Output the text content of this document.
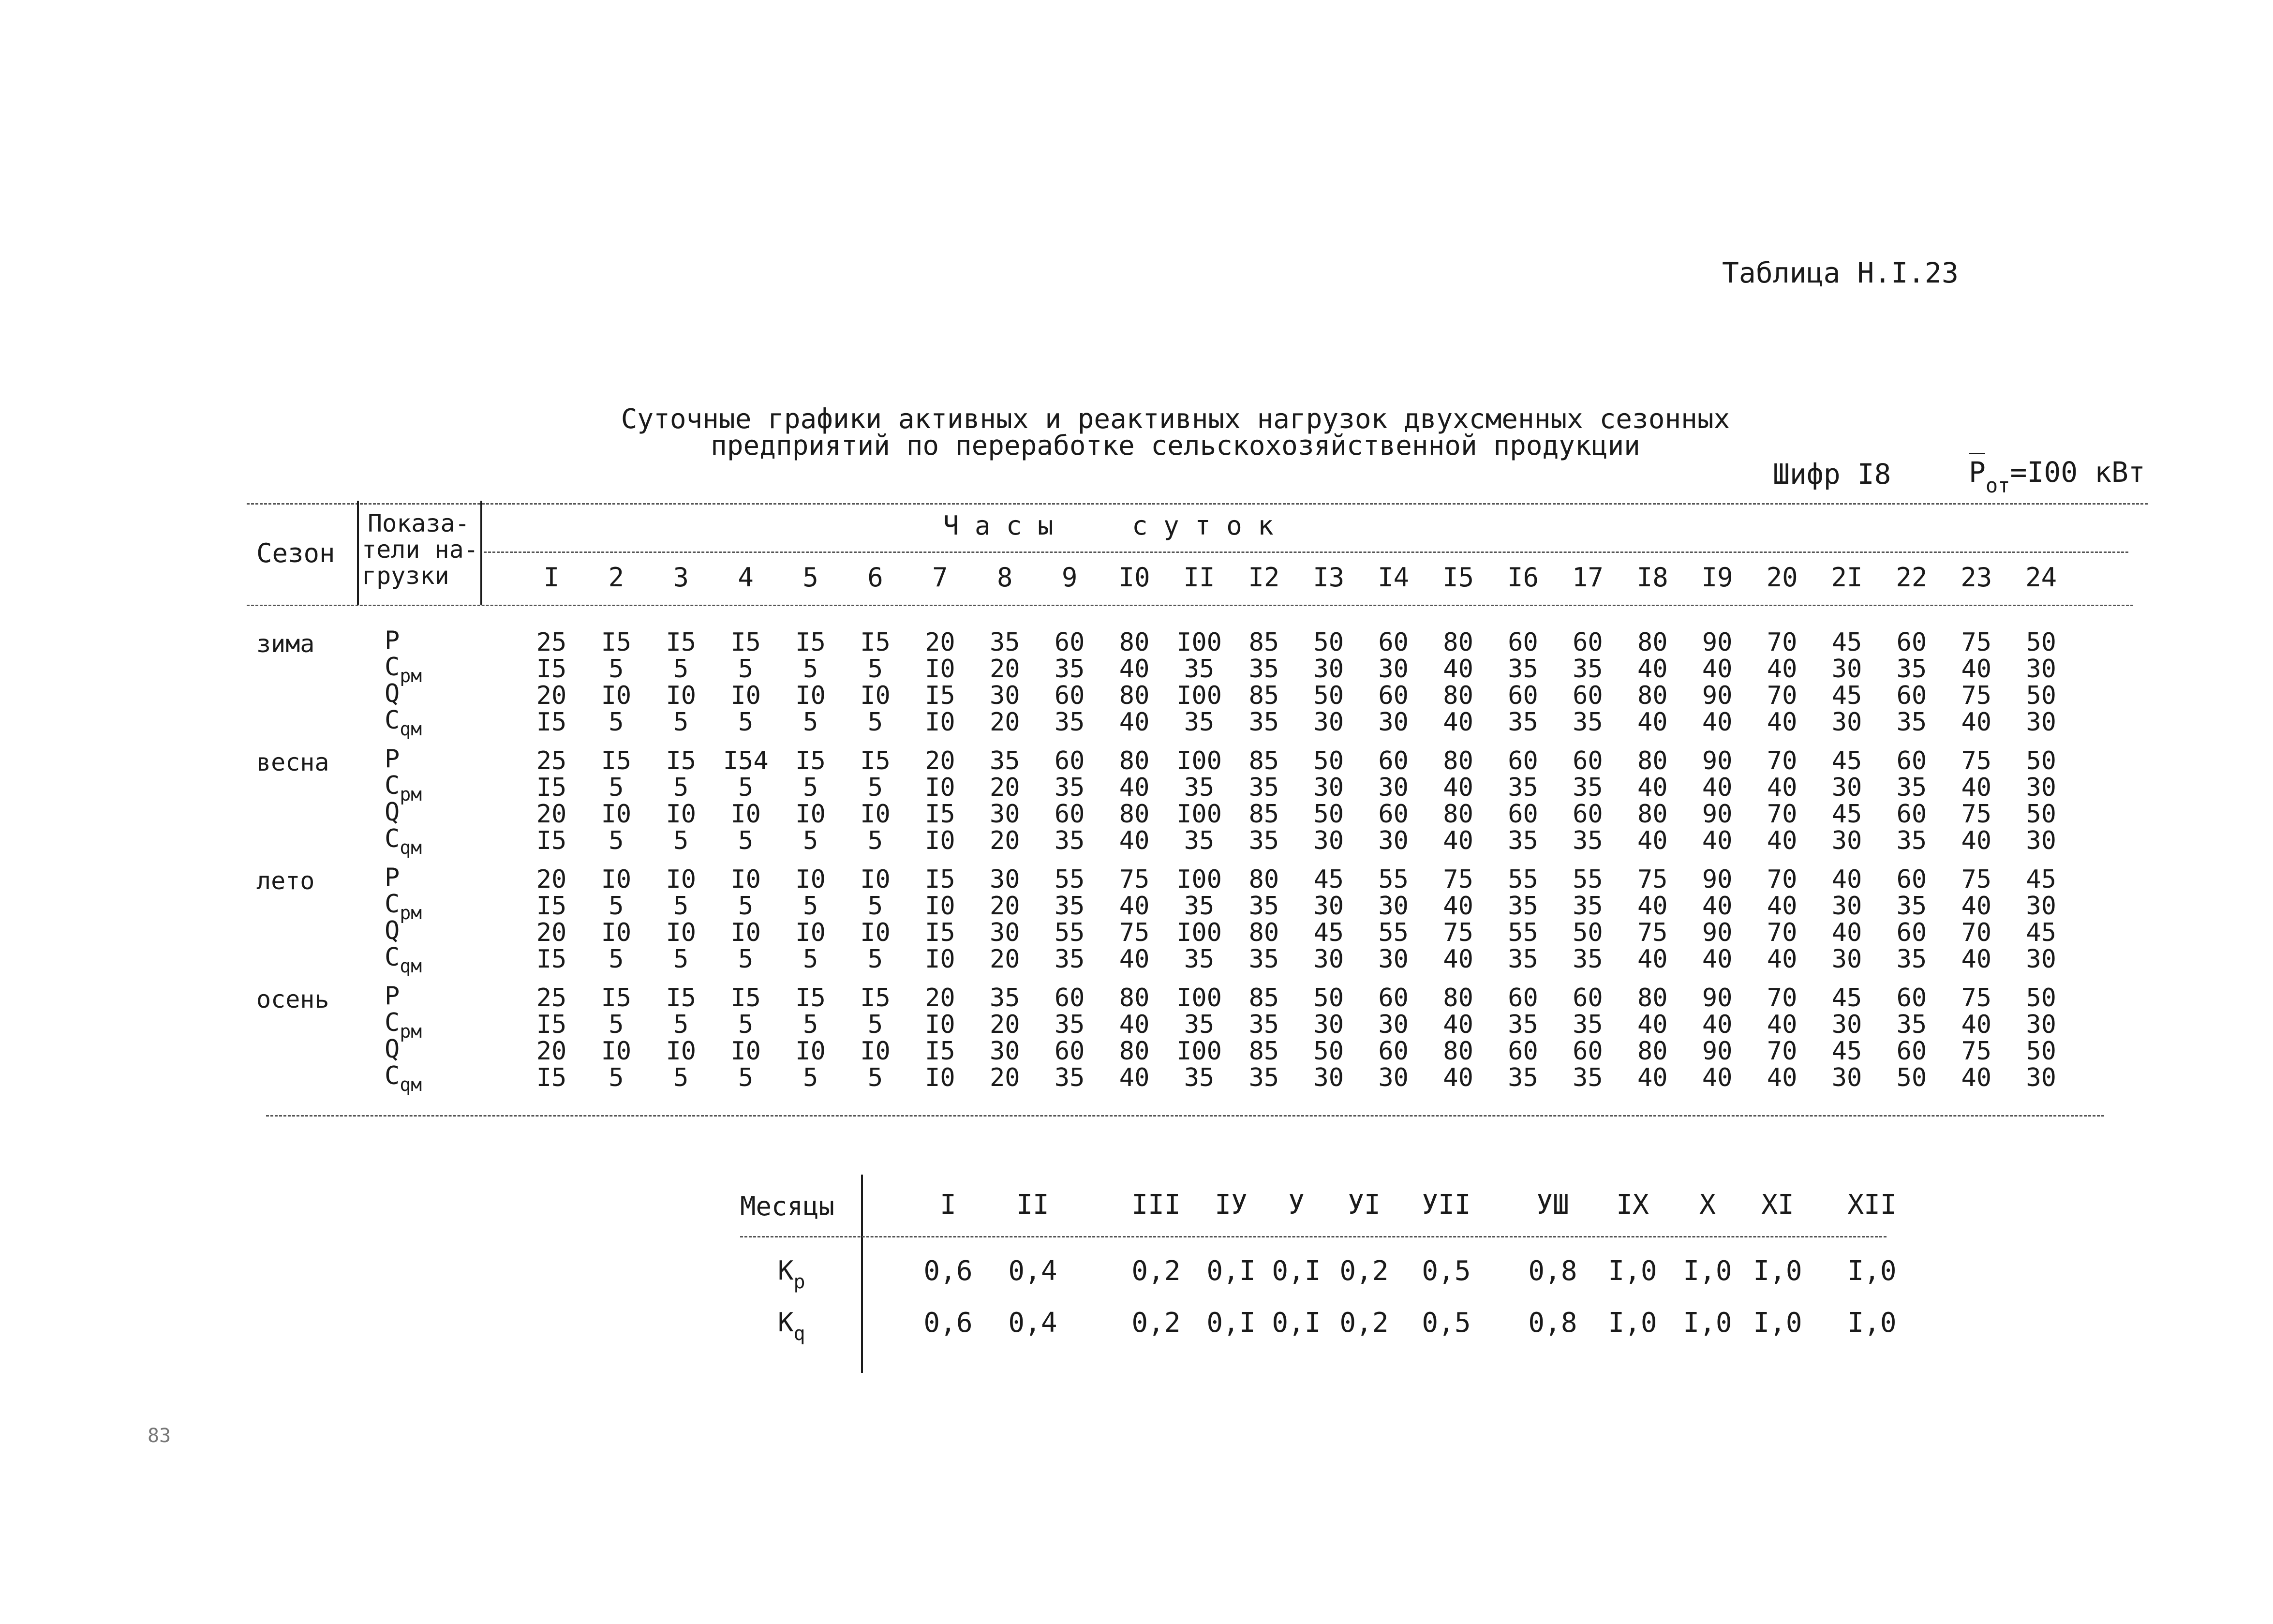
Таблица Н.I.23
Суточные графики активных и реактивных нагрузок двухсменных сезонных
предприятий по переработке сельскохозяйственной продукции
Шифр I8	$P_{от}=I00$ кВт
Сезон
Показа-
тели на-
грузки
Ч а с ы     с у т о к
I	2	3	4	5	6	7	8	9	I0	II	I2	I3	I4	I5	I6	17	I8	I9	20	2I	22	23	24
зима	P	25	I5	I5	I5	I5	I5	20	35	60	80	I00	85	50	60	80	60	60	80	90	70	45	60	75	50
$C_{pм}$	I5	5	5	5	5	5	I0	20	35	40	35	35	30	30	40	35	35	40	40	40	30	35	40	30
Q	20	I0	I0	I0	I0	I0	I5	30	60	80	I00	85	50	60	80	60	60	80	90	70	45	60	75	50
$C_{qм}$	I5	5	5	5	5	5	I0	20	35	40	35	35	30	30	40	35	35	40	40	40	30	35	40	30
весна P	25	I5	I5	I54	I5	I5	20	35	60	80	I00	85	50	60	80	60	60	80	90	70	45	60	75	50
$C_{pм}$	I5	5	5	5	5	5	I0	20	35	40	35	35	30	30	40	35	35	40	40	40	30	35	40	30
Q	20	I0	I0	I0	I0	I0	I5	30	60	80	I00	85	50	60	80	60	60	80	90	70	45	60	75	50
$C_{qм}$	I5	5	5	5	5	5	I0	20	35	40	35	35	30	30	40	35	35	40	40	40	30	35	40	30
лето	P	20	I0	I0	I0	I0	I0	I5	30	55	75	I00	80	45	55	75	55	55	75	90	70	40	60	75	45
$C_{pм}$	I5	5	5	5	5	5	I0	20	35	40	35	35	30	30	40	35	35	40	40	40	30	35	40	30
Q	20	I0	I0	I0	I0	I0	I5	30	55	75	I00	80	45	55	75	55	50	75	90	70	40	60	70	45
$C_{qм}$	I5	5	5	5	5	5	I0	20	35	40	35	35	30	30	40	35	35	40	40	40	30	35	40	30
осень P	25	I5	I5	I5	I5	I5	20	35	60	80	I00	85	50	60	80	60	60	80	90	70	45	60	75	50
$C_{pм}$	I5	5	5	5	5	5	I0	20	35	40	35	35	30	30	40	35	35	40	40	40	30	35	40	30
Q	20	I0	I0	I0	I0	I0	I5	30	60	80	I00	85	50	60	80	60	60	80	90	70	45	60	75	50
$C_{qм}$	I5	5	5	5	5	5	I0	20	35	40	35	35	30	30	40	35	35	40	40	40	30	50	40	30
Месяцы	I	II	III	IУ	У	УI	УII	УШ	IX	X	XI	XII
$K_p$	0,6	0,4	0,2 0,I 0,I 0,2	0,5	0,8	I,0 I,0 I,0	I,0
$K_q$	0,6	0,4	0,2 0,I 0,I 0,2	0,5	0,8	I,0 I,0 I,0	I,0
83
